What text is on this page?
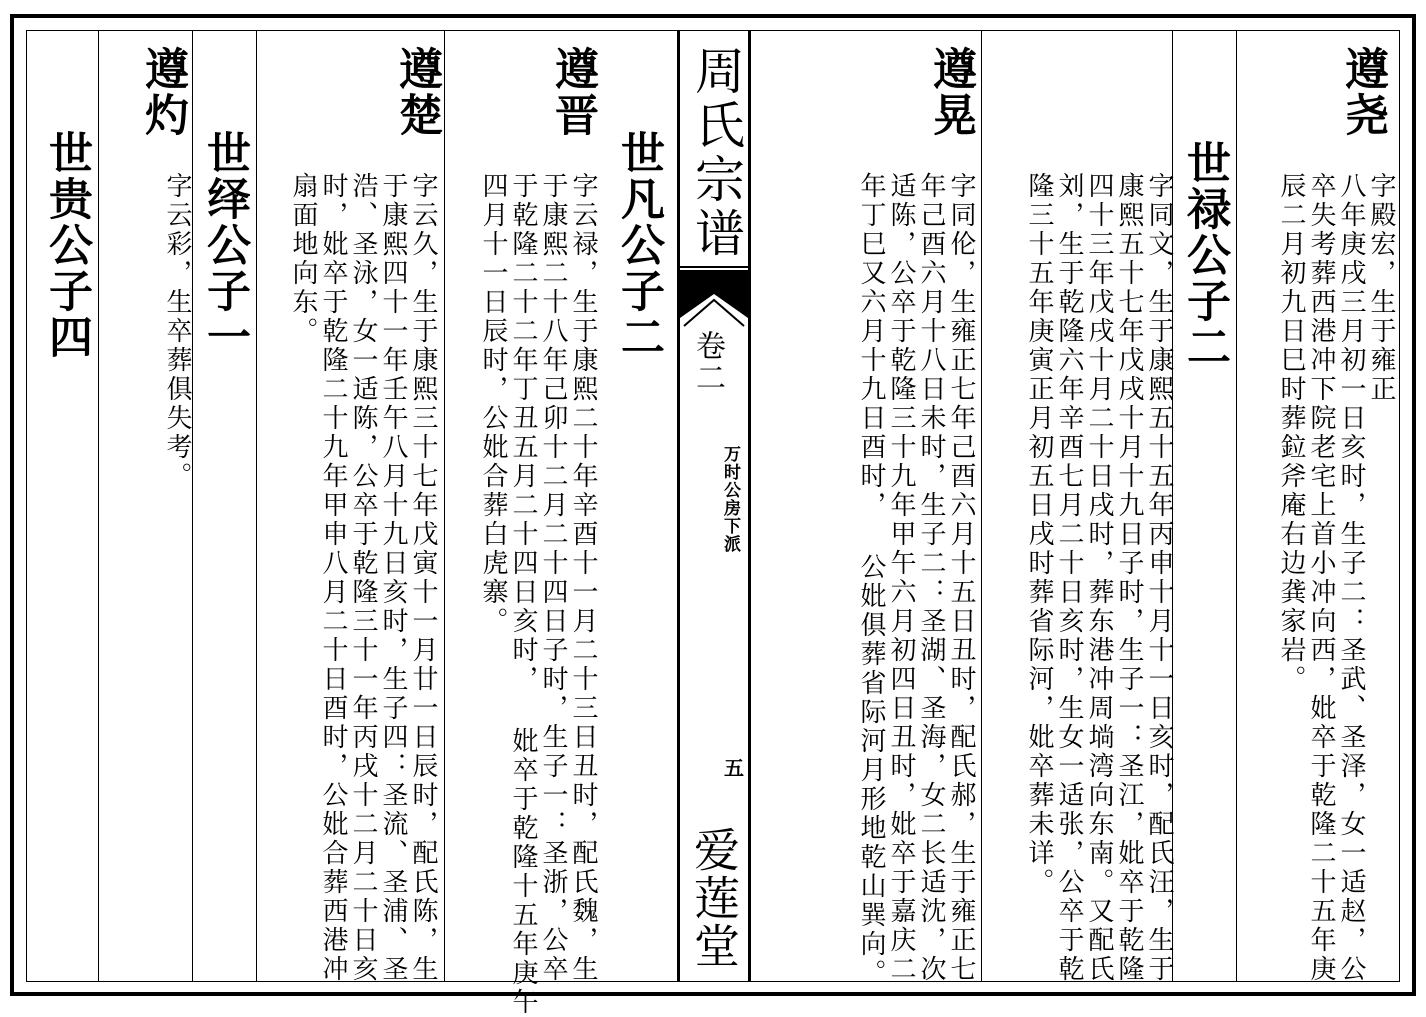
周氏宗谱
卷二
万时公房下派
五
爱莲堂
遵尧
字殿宏，生于雍正
八年庚戌三月初一日亥时，生子二：圣武、圣泽，女一适赵，公
卒失考葬西港冲下院老宅上首小冲向西，妣卒于乾隆二十五年庚
辰二月初九日巳时葬鉝斧庵右边龚家岩。
世禄公子二
字同文，生于康熙五十五年丙申十月十一日亥时，配氏汪，生于
康熙五十七年戊戌十月十九日子时，生子一：圣江，妣卒于乾隆
四十三年戊戌十月二十日戌时，葬东港冲周埫湾向东南。又配氏
刘，生于乾隆六年辛酉七月二十日亥时，生女一适张，公卒于乾
隆三十五年庚寅正月初五日戌时葬省际河，妣卒葬未详。
遵晃
字同伦，生雍正七年己酉六月十五日丑时，配氏郝，生于雍正七
年己酉六月十八日未时，生子二：圣湖、圣海，女二长适沈，次
适陈，公卒于乾隆三十九年甲午六月初四日丑时，妣卒于嘉庆二
年丁巳又六月十九日酉时， 公妣俱葬省际河月形地乾山巽向。
世凡公子二
遵晋
字云禄，生于康熙二十年辛酉十一月二十三日丑时，配氏魏，生
于康熙二十八年己卯十二月二十四日子时，生子一：圣浙，公卒
于乾隆二十二年丁丑五月二十四日亥时， 妣卒于乾隆十五年庚午
四月十一日辰时，公妣合葬白虎寨。
遵楚
字云久，生于康熙三十七年戊寅十一月廿一日辰时，配氏陈，生
于康熙四十一年壬午八月十九日亥时，生子四：圣流、圣浦、圣
浩、圣泳，女一适陈，公卒于乾隆三十一年丙戌十二月二十日亥
时，妣卒于乾隆二十九年甲申八月二十日酉时，公妣合葬西港冲
扇面地向东。
世绎公子一
遵灼
字云彩，生卒葬俱失考。
世贵公子四
